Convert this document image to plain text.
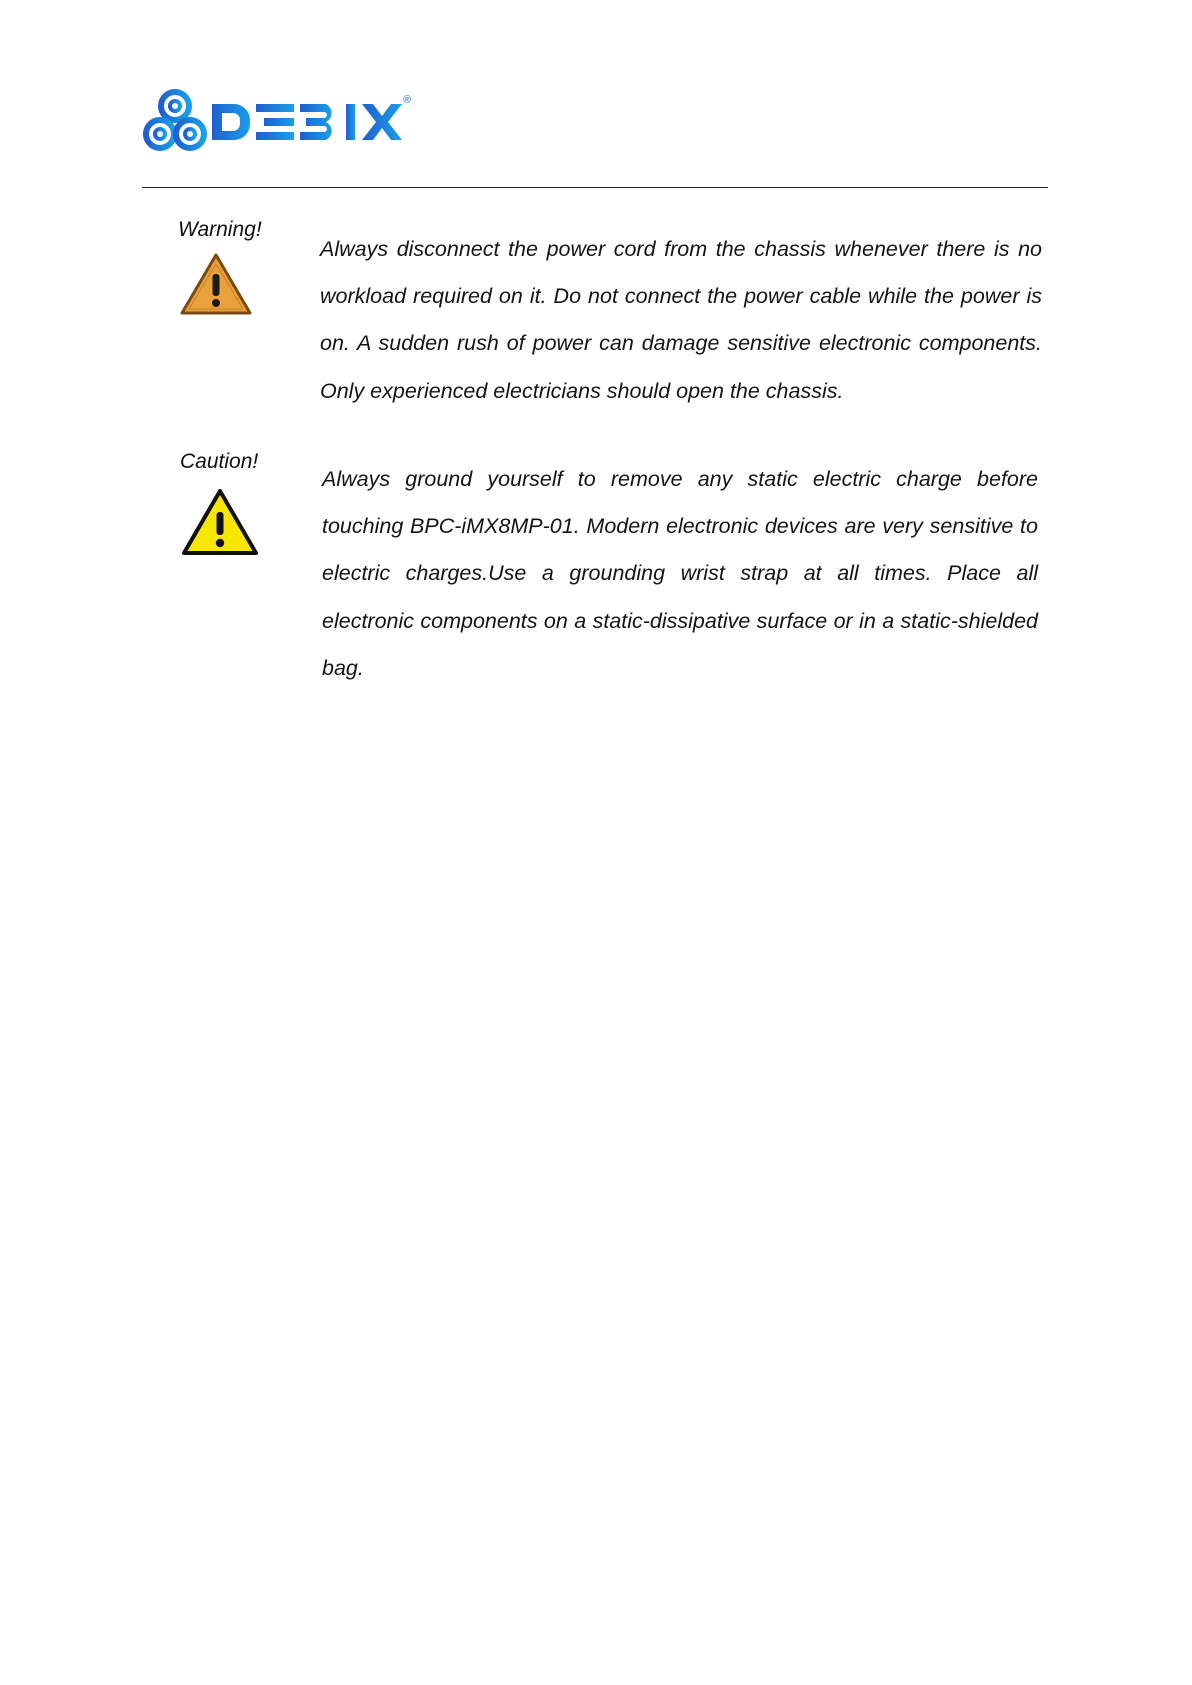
®
Warning!

Always disconnect the power cord from the chassis whenever there is no workload required on it. Do not connect the power cable while the power is on. A sudden rush of power can damage sensitive electronic components. Only experienced electricians should open the chassis.

Caution!

Always ground yourself to remove any static electric charge before touching BPC-iMX8MP-01. Modern electronic devices are very sensitive to electric charges.Use a grounding wrist strap at all times. Place all electronic components on a static-dissipative surface or in a static-shielded bag.
